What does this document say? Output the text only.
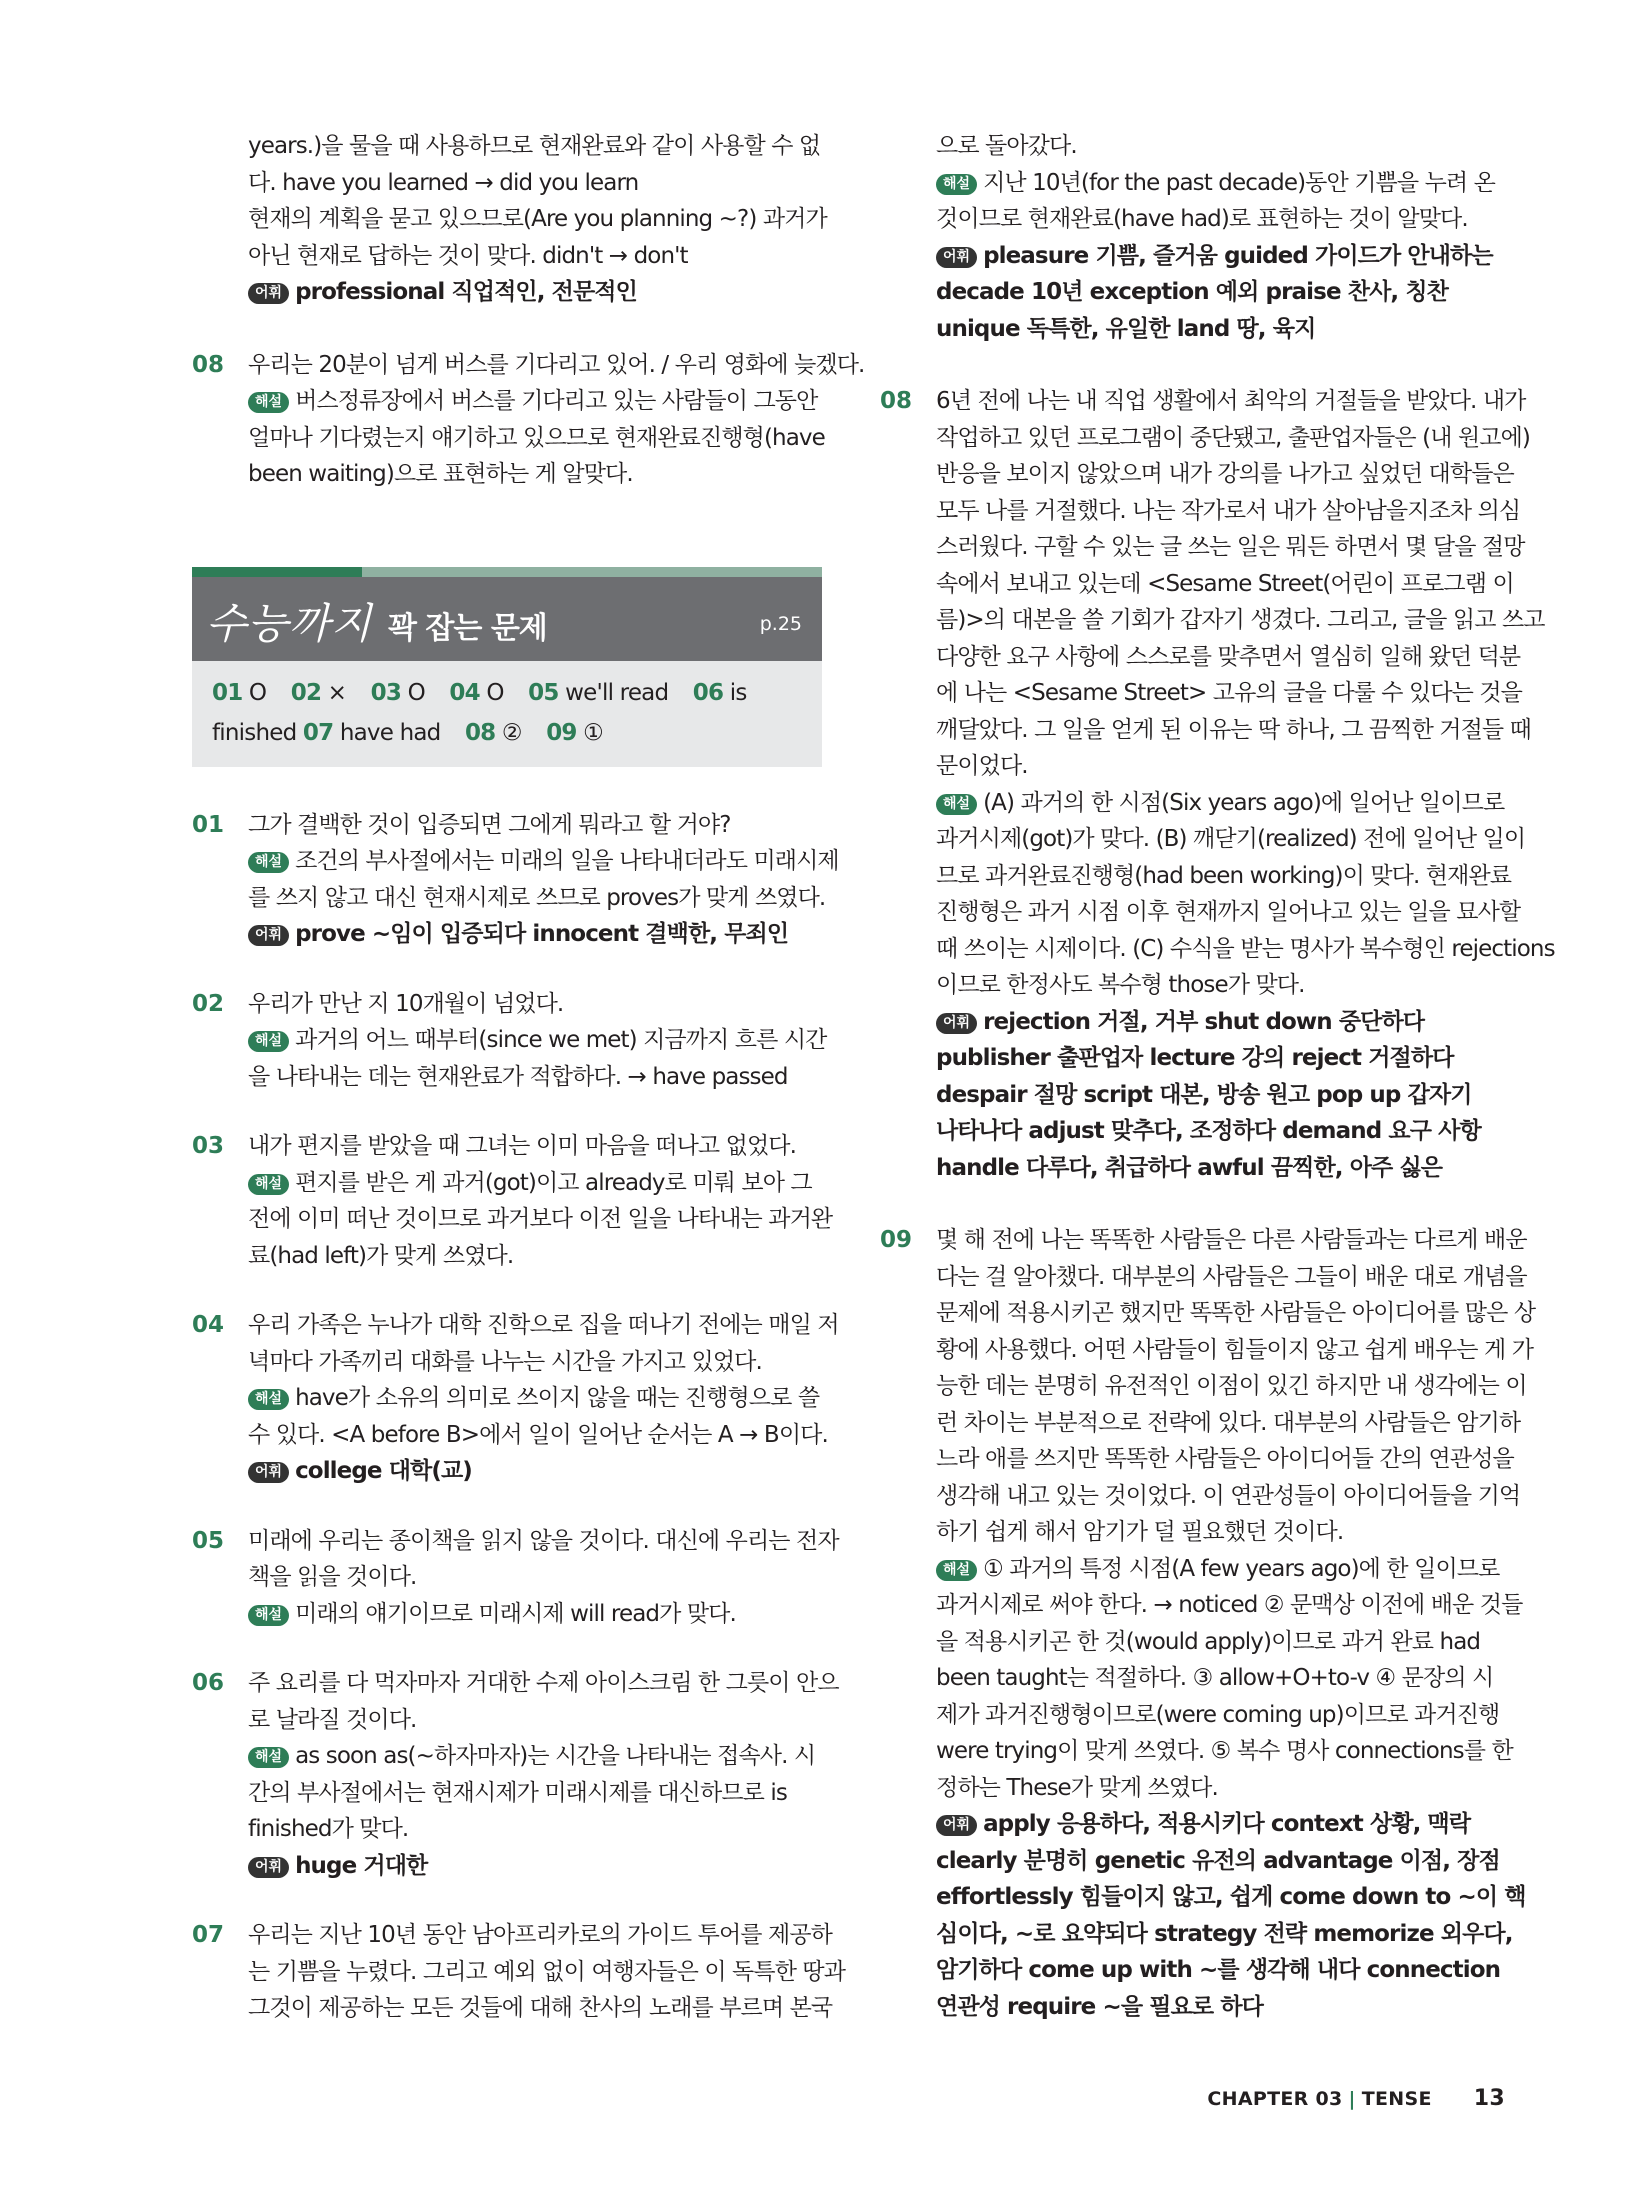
years.)을 물을 때 사용하므로 현재완료와 같이 사용할 수 없
다. have you learned → did you learn
현재의 계획을 묻고 있으므로(Are you planning ~?) 과거가
아닌 현재로 답하는 것이 맞다. didn't → don't
어휘 professional 직업적인, 전문적인
08	우리는 20분이 넘게 버스를 기다리고 있어. / 우리 영화에 늦겠다.
해설 버스정류장에서 버스를 기다리고 있는 사람들이 그동안
얼마나 기다렸는지 얘기하고 있으므로 현재완료진행형(have
been waiting)으로 표현하는 게 알맞다.
수능까지 꽉 잡는 문제	p.25
01 O 02 × 03 O 04 O 05 we'll read 06 is
finished 07 have had 08 ② 09 ①
01	그가 결백한 것이 입증되면 그에게 뭐라고 할 거야?
해설 조건의 부사절에서는 미래의 일을 나타내더라도 미래시제
를 쓰지 않고 대신 현재시제로 쓰므로 proves가 맞게 쓰였다.
어휘 prove ~임이 입증되다 innocent 결백한, 무죄인
02	우리가 만난 지 10개월이 넘었다.
해설 과거의 어느 때부터(since we met) 지금까지 흐른 시간
을 나타내는 데는 현재완료가 적합하다. → have passed
03	내가 편지를 받았을 때 그녀는 이미 마음을 떠나고 없었다.
해설 편지를 받은 게 과거(got)이고 already로 미뤄 보아 그
전에 이미 떠난 것이므로 과거보다 이전 일을 나타내는 과거완
료(had left)가 맞게 쓰였다.
04	우리 가족은 누나가 대학 진학으로 집을 떠나기 전에는 매일 저
녁마다 가족끼리 대화를 나누는 시간을 가지고 있었다.
해설 have가 소유의 의미로 쓰이지 않을 때는 진행형으로 쓸
수 있다. <A before B>에서 일이 일어난 순서는 A → B이다.
어휘 college 대학(교)
05	미래에 우리는 종이책을 읽지 않을 것이다. 대신에 우리는 전자
책을 읽을 것이다.
해설 미래의 얘기이므로 미래시제 will read가 맞다.
06	주 요리를 다 먹자마자 거대한 수제 아이스크림 한 그릇이 안으
로 날라질 것이다.
해설 as soon as(~하자마자)는 시간을 나타내는 접속사. 시
간의 부사절에서는 현재시제가 미래시제를 대신하므로 is
finished가 맞다.
어휘 huge 거대한
07	우리는 지난 10년 동안 남아프리카로의 가이드 투어를 제공하
는 기쁨을 누렸다. 그리고 예외 없이 여행자들은 이 독특한 땅과
그것이 제공하는 모든 것들에 대해 찬사의 노래를 부르며 본국
으로 돌아갔다.
해설 지난 10년(for the past decade)동안 기쁨을 누려 온
것이므로 현재완료(have had)로 표현하는 것이 알맞다.
어휘 pleasure 기쁨, 즐거움 guided 가이드가 안내하는
decade 10년 exception 예외 praise 찬사, 칭찬
unique 독특한, 유일한 land 땅, 육지
08	6년 전에 나는 내 직업 생활에서 최악의 거절들을 받았다. 내가
작업하고 있던 프로그램이 중단됐고, 출판업자들은 (내 원고에)
반응을 보이지 않았으며 내가 강의를 나가고 싶었던 대학들은
모두 나를 거절했다. 나는 작가로서 내가 살아남을지조차 의심
스러웠다. 구할 수 있는 글 쓰는 일은 뭐든 하면서 몇 달을 절망
속에서 보내고 있는데 <Sesame Street(어린이 프로그램 이
름)>의 대본을 쓸 기회가 갑자기 생겼다. 그리고, 글을 읽고 쓰고
다양한 요구 사항에 스스로를 맞추면서 열심히 일해 왔던 덕분
에 나는 <Sesame Street> 고유의 글을 다룰 수 있다는 것을
깨달았다. 그 일을 얻게 된 이유는 딱 하나, 그 끔찍한 거절들 때
문이었다.
해설 (A) 과거의 한 시점(Six years ago)에 일어난 일이므로
과거시제(got)가 맞다. (B) 깨닫기(realized) 전에 일어난 일이
므로 과거완료진행형(had been working)이 맞다. 현재완료
진행형은 과거 시점 이후 현재까지 일어나고 있는 일을 묘사할
때 쓰이는 시제이다. (C) 수식을 받는 명사가 복수형인 rejections
이므로 한정사도 복수형 those가 맞다.
어휘 rejection 거절, 거부 shut down 중단하다
publisher 출판업자 lecture 강의 reject 거절하다
despair 절망 script 대본, 방송 원고 pop up 갑자기
나타나다 adjust 맞추다, 조정하다 demand 요구 사항
handle 다루다, 취급하다 awful 끔찍한, 아주 싫은
09	몇 해 전에 나는 똑똑한 사람들은 다른 사람들과는 다르게 배운
다는 걸 알아챘다. 대부분의 사람들은 그들이 배운 대로 개념을
문제에 적용시키곤 했지만 똑똑한 사람들은 아이디어를 많은 상
황에 사용했다. 어떤 사람들이 힘들이지 않고 쉽게 배우는 게 가
능한 데는 분명히 유전적인 이점이 있긴 하지만 내 생각에는 이
런 차이는 부분적으로 전략에 있다. 대부분의 사람들은 암기하
느라 애를 쓰지만 똑똑한 사람들은 아이디어들 간의 연관성을
생각해 내고 있는 것이었다. 이 연관성들이 아이디어들을 기억
하기 쉽게 해서 암기가 덜 필요했던 것이다.
해설 ① 과거의 특정 시점(A few years ago)에 한 일이므로
과거시제로 써야 한다. → noticed ② 문맥상 이전에 배운 것들
을 적용시키곤 한 것(would apply)이므로 과거 완료 had
been taught는 적절하다. ③ allow+O+to-v ④ 문장의 시
제가 과거진행형이므로(were coming up)이므로 과거진행
were trying이 맞게 쓰였다. ⑤ 복수 명사 connections를 한
정하는 These가 맞게 쓰였다.
어휘 apply 응용하다, 적용시키다 context 상황, 맥락
clearly 분명히 genetic 유전의 advantage 이점, 장점
effortlessly 힘들이지 않고, 쉽게 come down to ~이 핵
심이다, ~로 요약되다 strategy 전략 memorize 외우다,
암기하다 come up with ~를 생각해 내다 connection
연관성 require ~을 필요로 하다
CHAPTER 03 | TENSE 13
